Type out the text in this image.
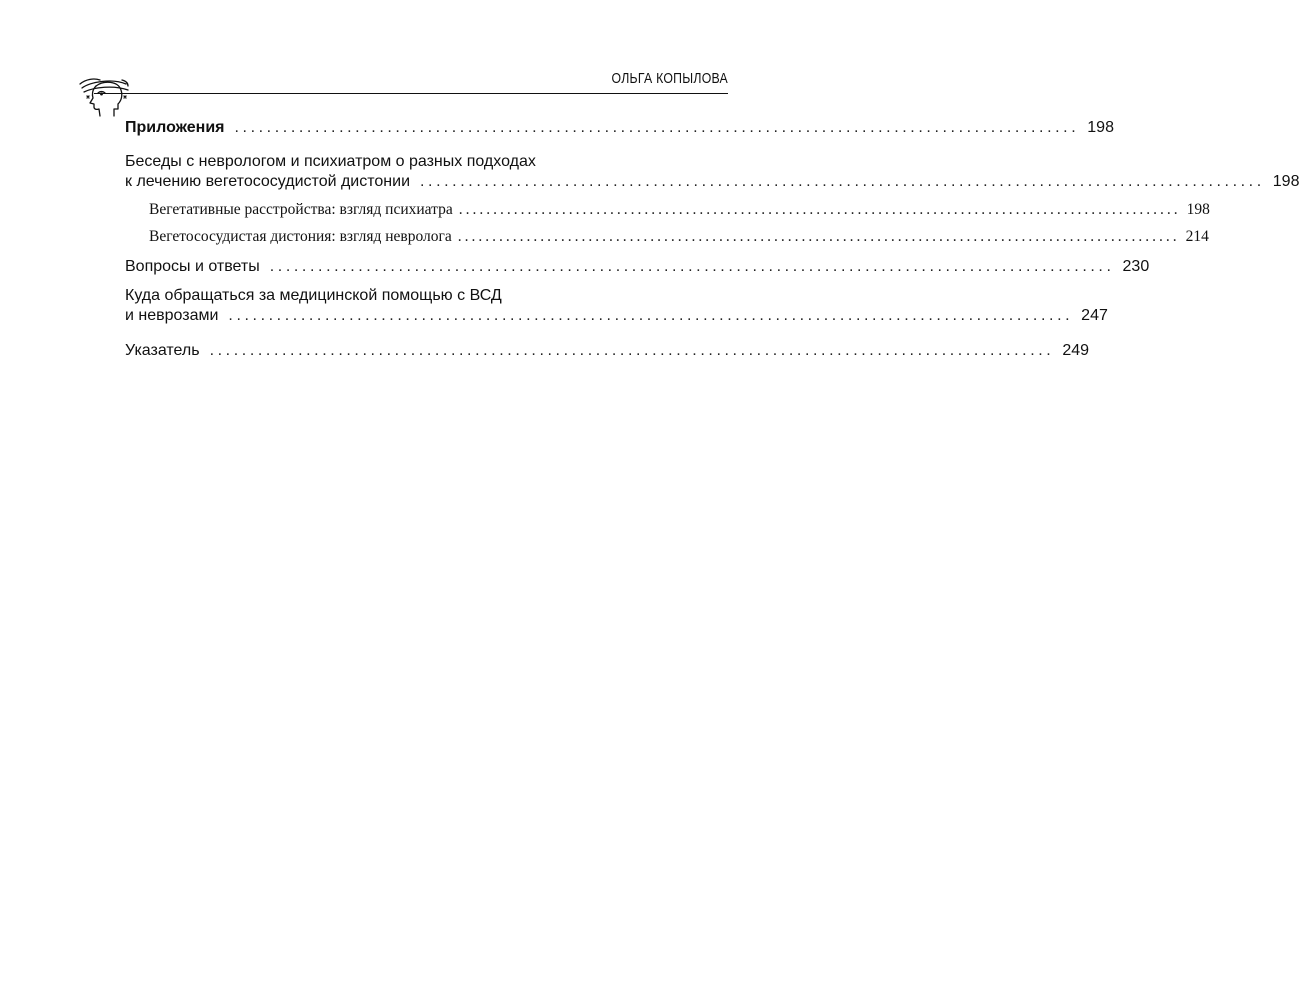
ОЛЬГА КОПЫЛОВА
Приложения ......................................................................................................... 198
Беседы с неврологом и психиатром о разных подходах
к лечению вегетососудистой дистонии ......................................................................................................... 198
Вегетативные расстройства: взгляд психиатра ......................................................................................................... 198
Вегетососудистая дистония: взгляд невролога ......................................................................................................... 214
Вопросы и ответы ......................................................................................................... 230
Куда обращаться за медицинской помощью с ВСД
и неврозами ......................................................................................................... 247
Указатель ......................................................................................................... 249
